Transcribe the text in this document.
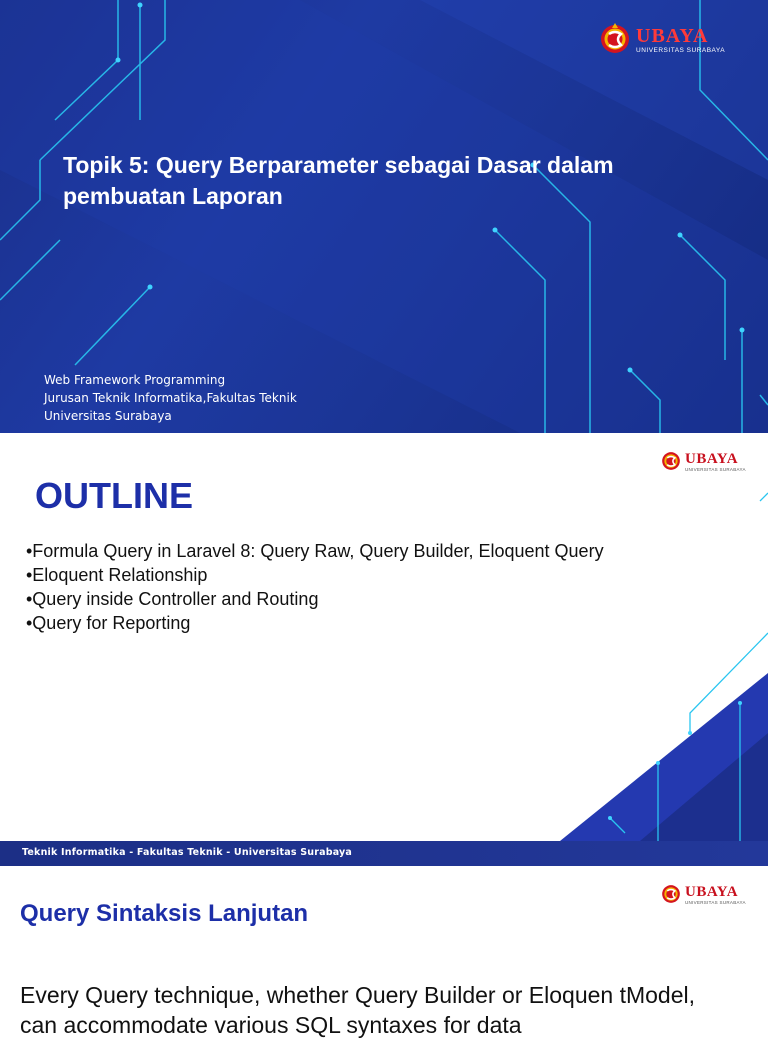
UBAYA
UNIVERSITAS SURABAYA
Topik 5: Query Berparameter sebagai Dasar dalam pembuatan Laporan
Web Framework Programming
Jurusan Teknik Informatika,Fakultas Teknik
Universitas Surabaya
UBAYA
UNIVERSITAS SURABAYA
OUTLINE
•Formula Query in Laravel 8: Query Raw, Query Builder, Eloquent Query
•Eloquent Relationship
•Query inside Controller and Routing
•Query for Reporting
Teknik Informatika - Fakultas Teknik - Universitas Surabaya
UBAYA
UNIVERSITAS SURABAYA
Query Sintaksis Lanjutan
Every Query technique, whether Query Builder or Eloquen tModel, can accommodate various SQL syntaxes for data
